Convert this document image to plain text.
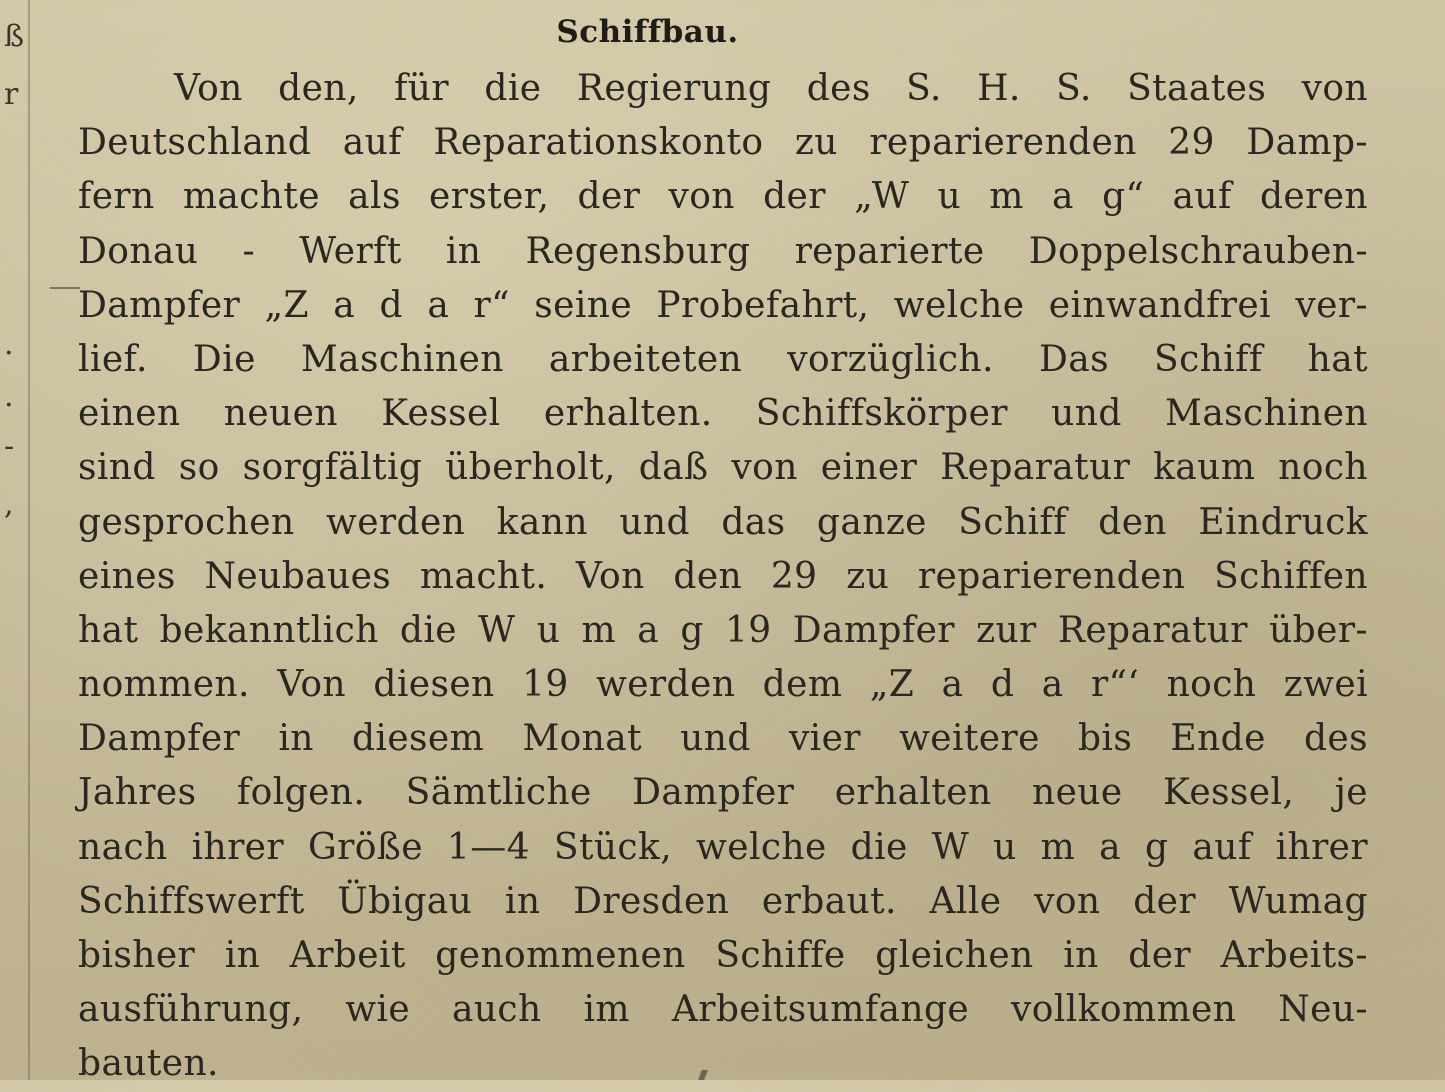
ß
r
.
.
-
,
Schiffbau.
Von den, für die Regierung des S. H. S. Staates von
Deutschland auf Reparationskonto zu reparierenden 29 Damp-
fern machte als erster, der von der „W u m a g“ auf deren
Donau - Werft in Regensburg reparierte Doppelschrauben-
Dampfer „Z a d a r“ seine Probefahrt, welche einwandfrei ver-
lief. Die Maschinen arbeiteten vorzüglich. Das Schiff hat
einen neuen Kessel erhalten. Schiffskörper und Maschinen
sind so sorgfältig überholt, daß von einer Reparatur kaum noch
gesprochen werden kann und das ganze Schiff den Eindruck
eines Neubaues macht. Von den 29 zu reparierenden Schiffen
hat bekanntlich die W u m a g 19 Dampfer zur Reparatur über-
nommen. Von diesen 19 werden dem „Z a d a r“‘ noch zwei
Dampfer in diesem Monat und vier weitere bis Ende des
Jahres folgen. Sämtliche Dampfer erhalten neue Kessel, je
nach ihrer Größe 1—4 Stück, welche die W u m a g auf ihrer
Schiffswerft Übigau in Dresden erbaut. Alle von der Wumag
bisher in Arbeit genommenen Schiffe gleichen in der Arbeits-
ausführung, wie auch im Arbeitsumfange vollkommen Neu-
bauten.
